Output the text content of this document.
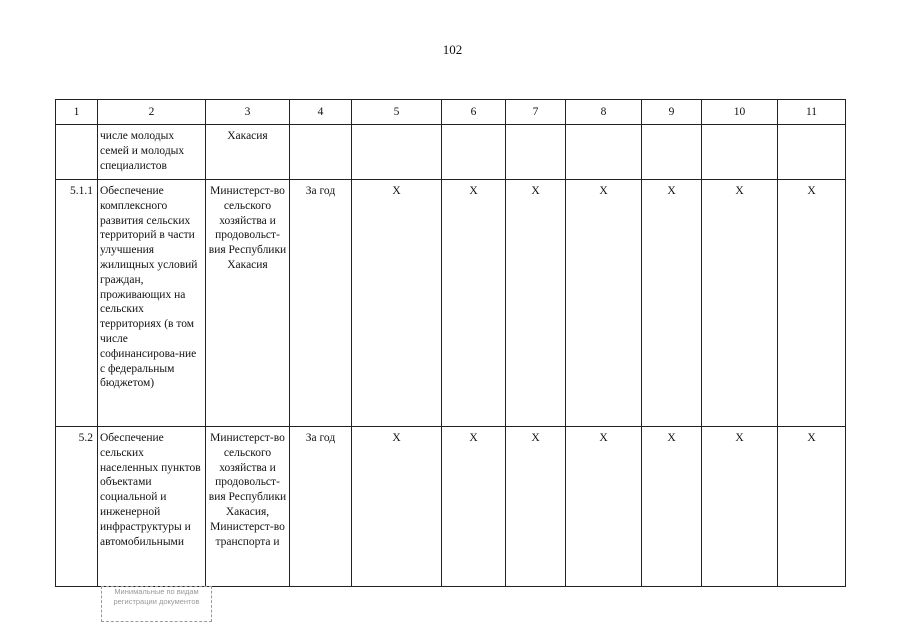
102
1	2	3	4	5	6	7	8	9	10	11
	числе молодых семей и молодых специалистов	Хакасия								
5.1.1	Обеспечение комплексного развития сельских территорий в части улучшения жилищных условий граждан, проживающих на сельских территориях (в том числе софинансирова-ние с федеральным бюджетом)	Министерст-во сельского хозяйства и продовольст-вия Республики Хакасия	За год	Х	Х	Х	Х	Х	Х	Х
5.2	Обеспечение сельских населенных пунктов объектами социальной и инженерной инфраструктуры и автомобильными	Министерст-во сельского хозяйства и продовольст-вия Республики Хакасия, Министерст-во транспорта и	За год	Х	Х	Х	Х	Х	Х	Х
Минимальные по видам регистрации документов
